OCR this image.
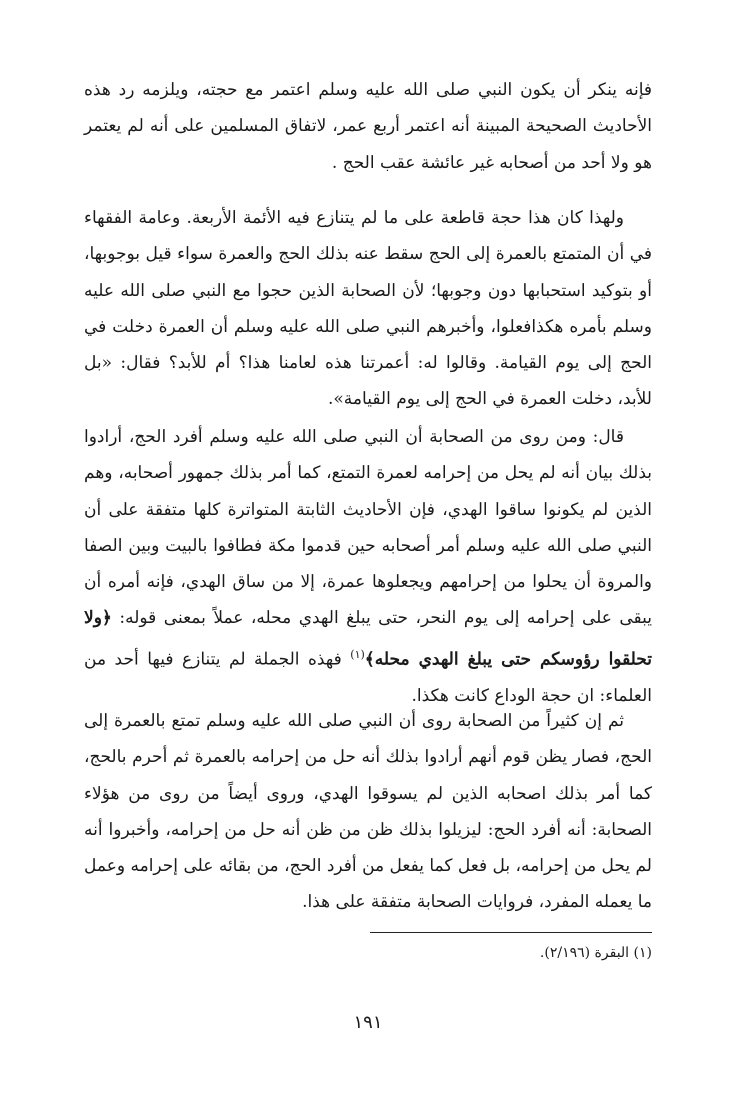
فإنه ينكر أن يكون النبي صلى الله عليه وسلم اعتمر مع حجته، ويلزمه رد هذه الأحاديث الصحيحة المبينة أنه اعتمر أربع عمر، لاتفاق المسلمين على أنه لم يعتمر هو ولا أحد من أصحابه غير عائشة عقب الحج .

ولهذا كان هذا حجة قاطعة على ما لم يتنازع فيه الأئمة الأربعة. وعامة الفقهاء في أن المتمتع بالعمرة إلى الحج سقط عنه بذلك الحج والعمرة سواء قيل بوجوبها، أو بتوكيد استحبابها دون وجوبها؛ لأن الصحابة الذين حجوا مع النبي صلى الله عليه وسلم بأمره هكذافعلوا، وأخبرهم النبي صلى الله عليه وسلم أن العمرة دخلت في الحج إلى يوم القيامة. وقالوا له: أعمرتنا هذه لعامنا هذا؟ أم للأبد؟ فقال: «بل للأبد، دخلت العمرة في الحج إلى يوم القيامة».

قال: ومن روى من الصحابة أن النبي صلى الله عليه وسلم أفرد الحج، أرادوا بذلك بيان أنه لم يحل من إحرامه لعمرة التمتع، كما أمر بذلك جمهور أصحابه، وهم الذين لم يكونوا ساقوا الهدي، فإن الأحاديث الثابتة المتواترة كلها متفقة على أن النبي صلى الله عليه وسلم أمر أصحابه حين قدموا مكة فطافوا بالبيت وبين الصفا والمروة أن يحلوا من إحرامهم ويجعلوها عمرة، إلا من ساق الهدي، فإنه أمره أن يبقى على إحرامه إلى يوم النحر، حتى يبلغ الهدي محله، عملاً بمعنى قوله: ﴿ولا تحلقوا رؤوسكم حتى يبلغ الهدي محله﴾$^{(١)}$ فهذه الجملة لم يتنازع فيها أحد من العلماء: ان حجة الوداع كانت هكذا.

ثم إن كثيراً من الصحابة روى أن النبي صلى الله عليه وسلم تمتع بالعمرة إلى الحج، فصار يظن قوم أنهم أرادوا بذلك أنه حل من إحرامه بالعمرة ثم أحرم بالحج، كما أمر بذلك اصحابه الذين لم يسوقوا الهدي، وروى أيضاً من روى من هؤلاء الصحابة: أنه أفرد الحج: ليزيلوا بذلك ظن من ظن أنه حل من إحرامه، وأخبروا أنه لم يحل من إحرامه، بل فعل كما يفعل من أفرد الحج، من بقائه على إحرامه وعمل ما يعمله المفرد، فروايات الصحابة متفقة على هذا.

(١) البقرة (٢/١٩٦).
١٩١
